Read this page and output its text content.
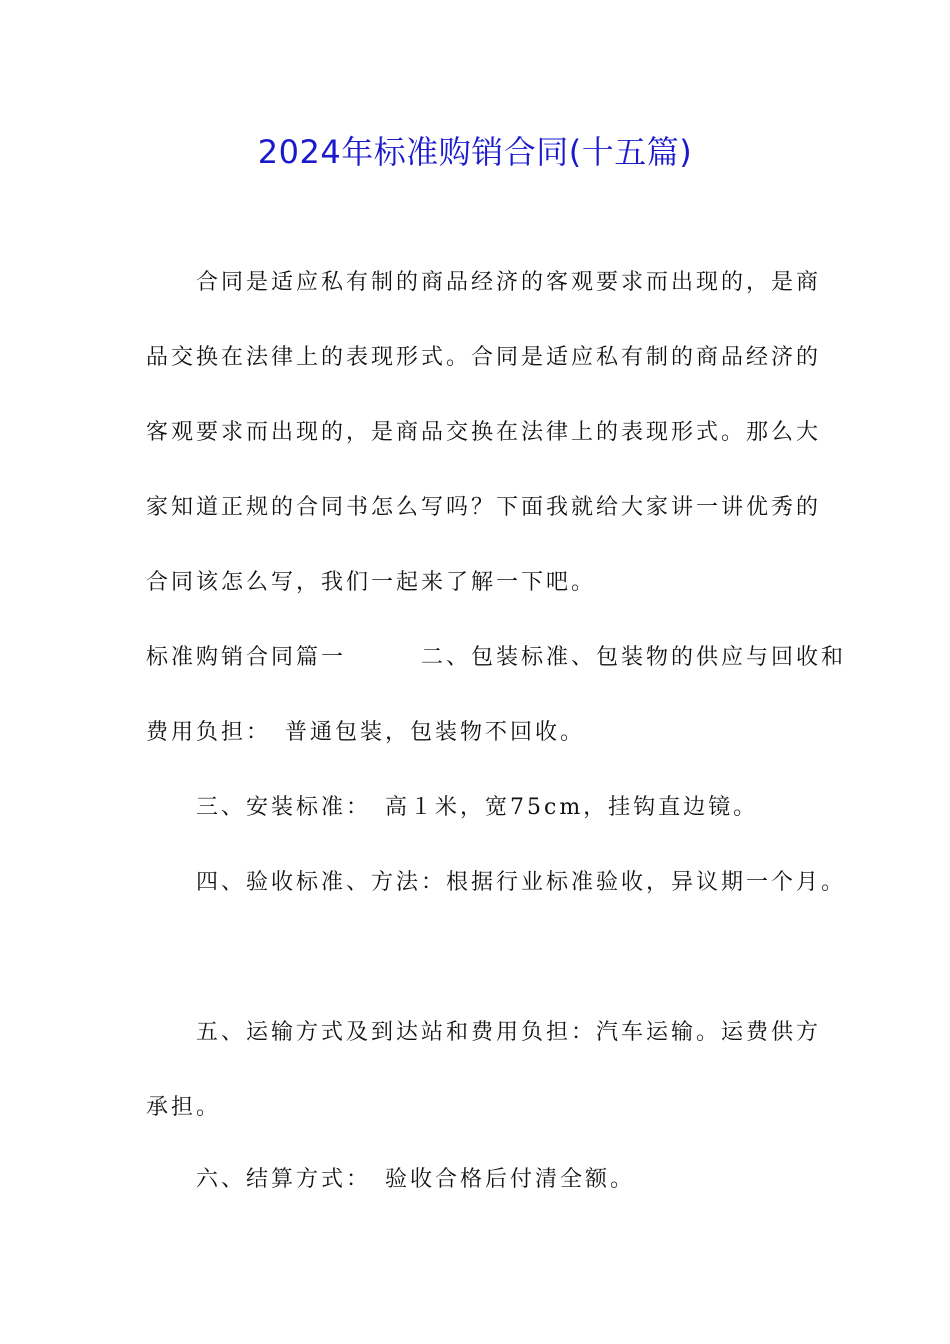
2024年标准购销合同(十五篇)
　　合同是适应私有制的商品经济的客观要求而出现的，是商
品交换在法律上的表现形式。合同是适应私有制的商品经济的
客观要求而出现的，是商品交换在法律上的表现形式。那么大
家知道正规的合同书怎么写吗？下面我就给大家讲一讲优秀的
合同该怎么写，我们一起来了解一下吧。
标准购销合同篇一　　　二、包装标准、包装物的供应与回收和
费用负担：　普通包装，包装物不回收。
　　三、安装标准：　高１米，宽75cm，挂钩直边镜。
　　四、验收标准、方法：根据行业标准验收，异议期一个月。
　　五、运输方式及到达站和费用负担：汽车运输。运费供方
承担。
　　六、结算方式：　验收合格后付清全额。
